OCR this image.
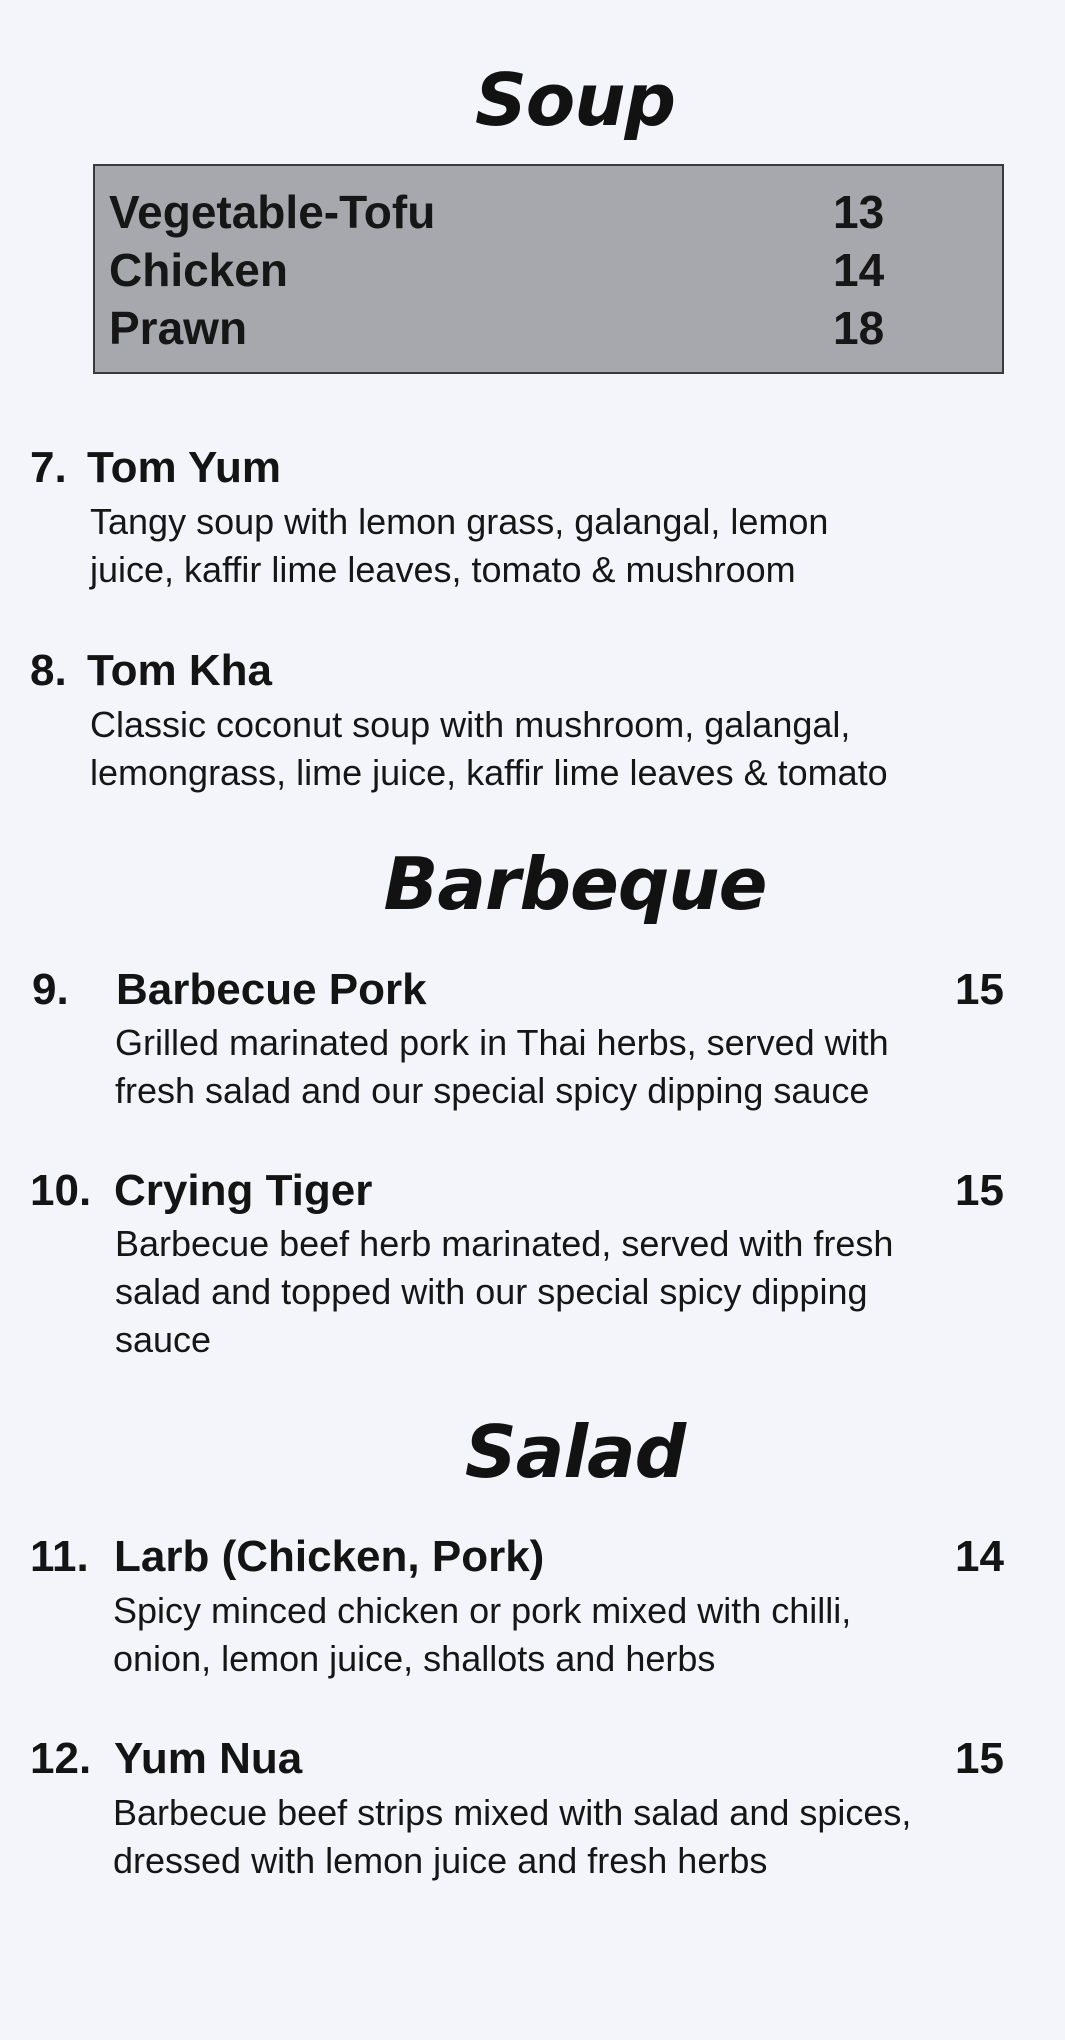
Soup
Vegetable-Tofu	13
Chicken	14
Prawn	18
7. Tom Yum

Tangy soup with lemon grass, galangal, lemon
juice, kaffir lime leaves, tomato & mushroom

8. Tom Kha

Classic coconut soup with mushroom, galangal,
lemongrass, lime juice, kaffir lime leaves & tomato

Barbeque
9. Barbecue Pork	15

Grilled marinated pork in Thai herbs, served with
fresh salad and our special spicy dipping sauce

10. Crying Tiger	15

Barbecue beef herb marinated, served with fresh
salad and topped with our special spicy dipping
sauce

Salad
11. Larb (Chicken, Pork)	14

Spicy minced chicken or pork mixed with chilli,
onion, lemon juice, shallots and herbs

12. Yum Nua	15

Barbecue beef strips mixed with salad and spices,
dressed with lemon juice and fresh herbs
